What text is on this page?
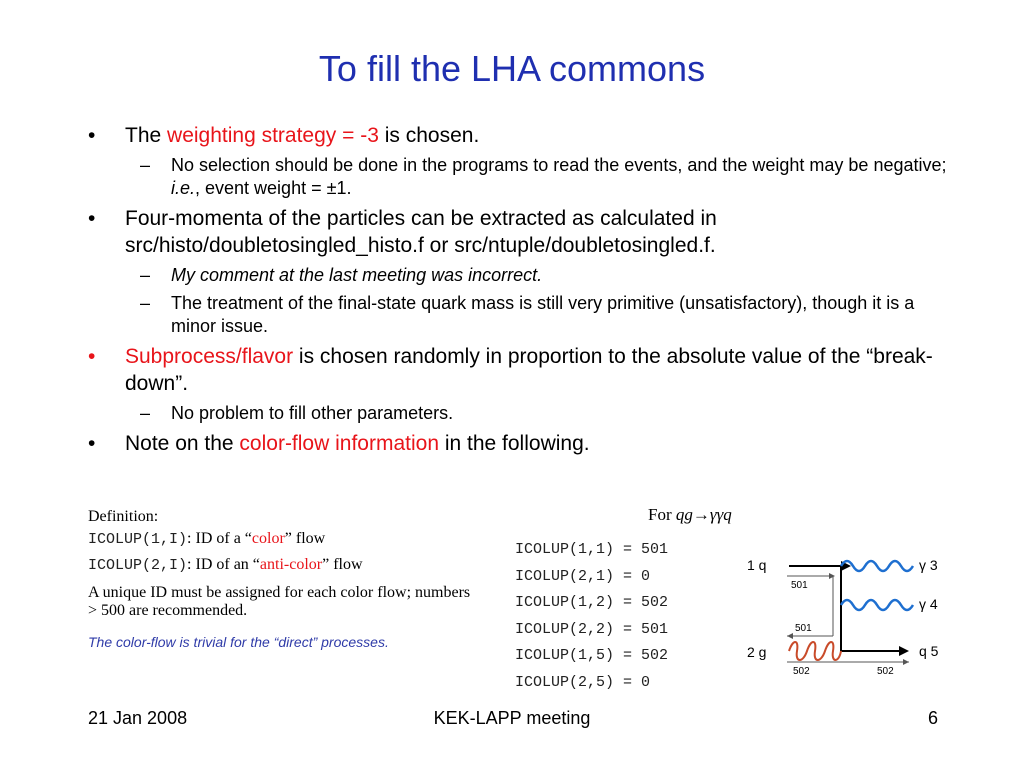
To fill the LHA commons
• The weighting strategy = -3 is chosen.
– No selection should be done in the programs to read the events, and the weight may be negative; i.e., event weight = ±1.
• Four-momenta of the particles can be extracted as calculated in src/histo/doubletosingled_histo.f or src/ntuple/doubletosingled.f.
– My comment at the last meeting was incorrect.
– The treatment of the final-state quark mass is still very primitive (unsatisfactory), though it is a minor issue.
• Subprocess/flavor is chosen randomly in proportion to the absolute value of the “break-down”.
– No problem to fill other parameters.
• Note on the color-flow information in the following.
Definition:
ICOLUP(1,I): ID of a “color” flow
ICOLUP(2,I): ID of an “anti-color” flow
A unique ID must be assigned for each color flow; numbers > 500 are recommended.
The color-flow is trivial for the “direct” processes.
For qg→γγq
ICOLUP(1,1) = 501
ICOLUP(2,1) = 0
ICOLUP(1,2) = 502
ICOLUP(2,2) = 501
ICOLUP(1,5) = 502
ICOLUP(2,5) = 0
1 q
2 g
γ 3
γ 4
q 5
501
501
502	502
21 Jan 2008	KEK-LAPP meeting	6
